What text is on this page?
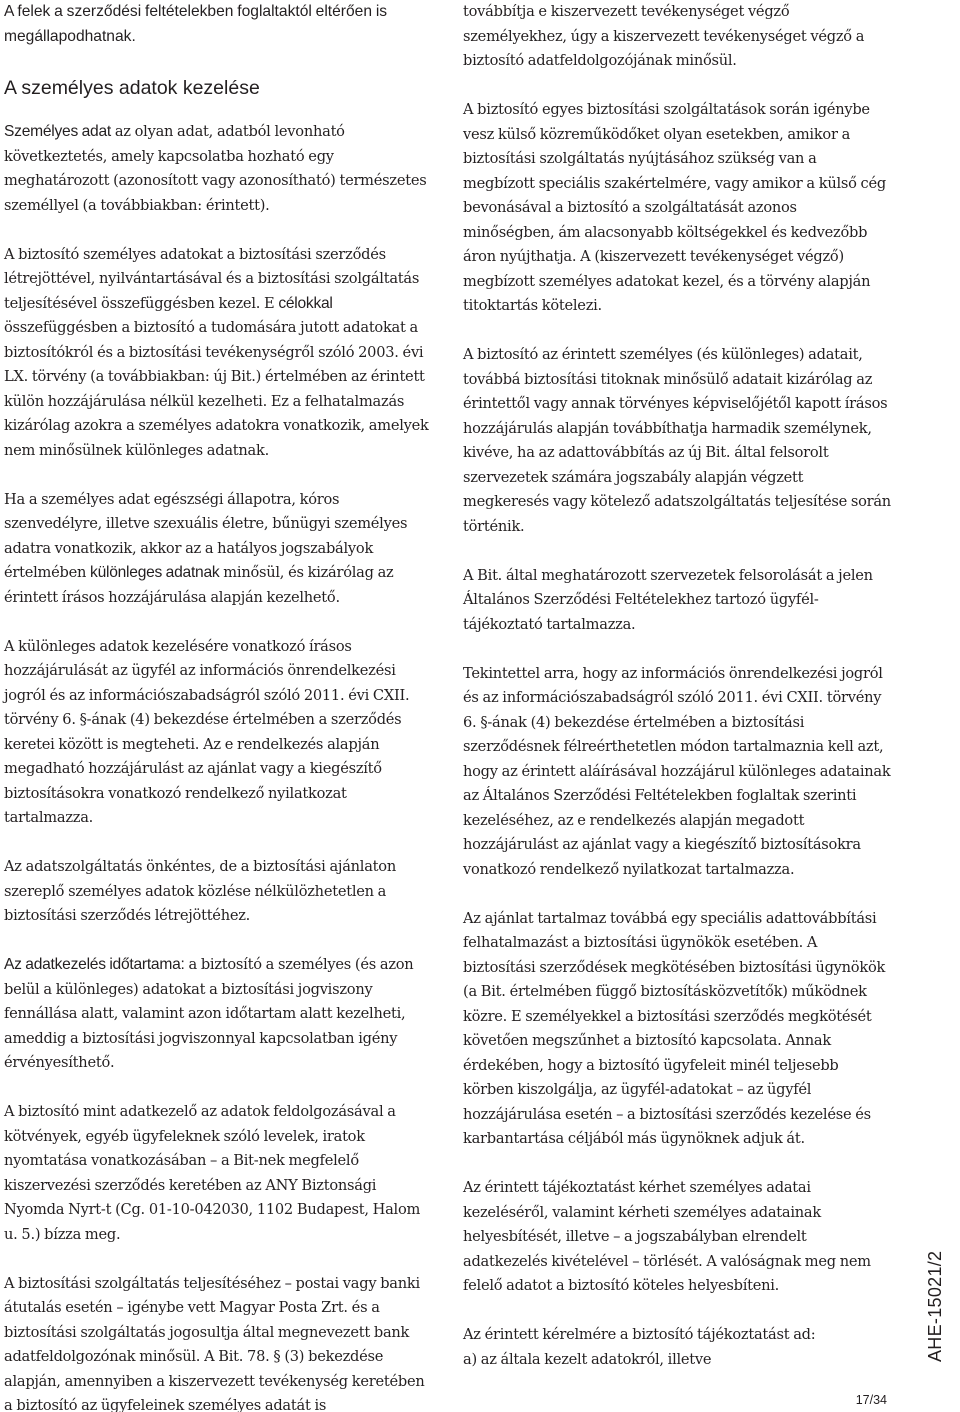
A felek a szerződési feltételekben foglaltaktól eltérően is megállapodhatnak.

A személyes adatok kezelése

Személyes adat az olyan adat, adatból levonható következtetés, amely kapcsolatba hozható egy meghatározott (azonosított vagy azonosítható) természetes személlyel (a továbbiakban: érintett).

A biztosító személyes adatokat a biztosítási szerződés létrejöttével, nyilvántartásával és a biztosítási szolgáltatás teljesítésével összefüggésben kezel. E célokkal összefüggésben a biztosító a tudomására jutott adatokat a biztosítókról és a biztosítási tevékenységről szóló 2003. évi LX. törvény (a továbbiakban: új Bit.) értelmében az érintett külön hozzájárulása nélkül kezelheti. Ez a felhatalmazás kizárólag azokra a személyes adatokra vonatkozik, amelyek nem minősülnek különleges adatnak.

Ha a személyes adat egészségi állapotra, kóros szenvedélyre, illetve szexuális életre, bűnügyi személyes adatra vonatkozik, akkor az a hatályos jogszabályok értelmében különleges adatnak minősül, és kizárólag az érintett írásos hozzájárulása alapján kezelhető.

A különleges adatok kezelésére vonatkozó írásos hozzájárulását az ügyfél az információs önrendelkezési jogról és az információszabadságról szóló 2011. évi CXII. törvény 6. §-ának (4) bekezdése értelmében a szerződés keretei között is megteheti. Az e rendelkezés alapján megadható hozzájárulást az ajánlat vagy a kiegészítő biztosításokra vonatkozó rendelkező nyilatkozat tartalmazza.

Az adatszolgáltatás önkéntes, de a biztosítási ajánlaton szereplő személyes adatok közlése nélkülözhetetlen a biztosítási szerződés létrejöttéhez.

Az adatkezelés időtartama: a biztosító a személyes (és azon belül a különleges) adatokat a biztosítási jogviszony fennállása alatt, valamint azon időtartam alatt kezelheti, ameddig a biztosítási jogviszonnyal kapcsolatban igény érvényesíthető.

A biztosító mint adatkezelő az adatok feldolgozásával a kötvények, egyéb ügyfeleknek szóló levelek, iratok nyomtatása vonatkozásában – a Bit-nek megfelelő kiszervezési szerződés keretében az ANY Biztonsági Nyomda Nyrt-t (Cg. 01-10-042030, 1102 Budapest, Halom u. 5.) bízza meg.

A biztosítási szolgáltatás teljesítéséhez – postai vagy banki átutalás esetén – igénybe vett Magyar Posta Zrt. és a biztosítási szolgáltatás jogosultja által megnevezett bank adatfeldolgozónak minősül. A Bit. 78. § (3) bekezdése alapján, amennyiben a kiszervezett tevékenység keretében a biztosító az ügyfeleinek személyes adatát is

továbbítja e kiszervezett tevékenységet végző személyekhez, úgy a kiszervezett tevékenységet végző a biztosító adatfeldolgozójának minősül.

A biztosító egyes biztosítási szolgáltatások során igénybe vesz külső közreműködőket olyan esetekben, amikor a biztosítási szolgáltatás nyújtásához szükség van a megbízott speciális szakértelmére, vagy amikor a külső cég bevonásával a biztosító a szolgáltatását azonos minőségben, ám alacsonyabb költségekkel és kedvezőbb áron nyújthatja. A (kiszervezett tevékenységet végző) megbízott személyes adatokat kezel, és a törvény alapján titoktartás kötelezi.

A biztosító az érintett személyes (és különleges) adatait, továbbá biztosítási titoknak minősülő adatait kizárólag az érintettől vagy annak törvényes képviselőjétől kapott írásos hozzájárulás alapján továbbíthatja harmadik személynek, kivéve, ha az adattovábbítás az új Bit. által felsorolt szervezetek számára jogszabály alapján végzett megkeresés vagy kötelező adatszolgáltatás teljesítése során történik.

A Bit. által meghatározott szervezetek felsorolását a jelen Általános Szerződési Feltételekhez tartozó ügyfél-tájékoztató tartalmazza.

Tekintettel arra, hogy az információs önrendelkezési jogról és az információszabadságról szóló 2011. évi CXII. törvény 6. §-ának (4) bekezdése értelmében a biztosítási szerződésnek félreérthetetlen módon tartalmaznia kell azt, hogy az érintett aláírásával hozzájárul különleges adatainak az Általános Szerződési Feltételekben foglaltak szerinti kezeléséhez, az e rendelkezés alapján megadott hozzájárulást az ajánlat vagy a kiegészítő biztosításokra vonatkozó rendelkező nyilatkozat tartalmazza.

Az ajánlat tartalmaz továbbá egy speciális adattovábbítási felhatalmazást a biztosítási ügynökök esetében. A biztosítási szerződések megkötésében biztosítási ügynökök (a Bit. értelmében függő biztosításközvetítők) működnek közre. E személyekkel a biztosítási szerződés megkötését követően megszűnhet a biztosító kapcsolata. Annak érdekében, hogy a biztosító ügyfeleit minél teljesebb körben kiszolgálja, az ügyfél-adatokat – az ügyfél hozzájárulása esetén – a biztosítási szerződés kezelése és karbantartása céljából más ügynöknek adjuk át.

Az érintett tájékoztatást kérhet személyes adatai kezeléséről, valamint kérheti személyes adatainak helyesbítését, illetve – a jogszabályban elrendelt adatkezelés kivételével – törlését. A valóságnak meg nem felelő adatot a biztosító köteles helyesbíteni.

Az érintett kérelmére a biztosító tájékoztatást ad:
a) az általa kezelt adatokról, illetve	AHE-15021/2
17/34
